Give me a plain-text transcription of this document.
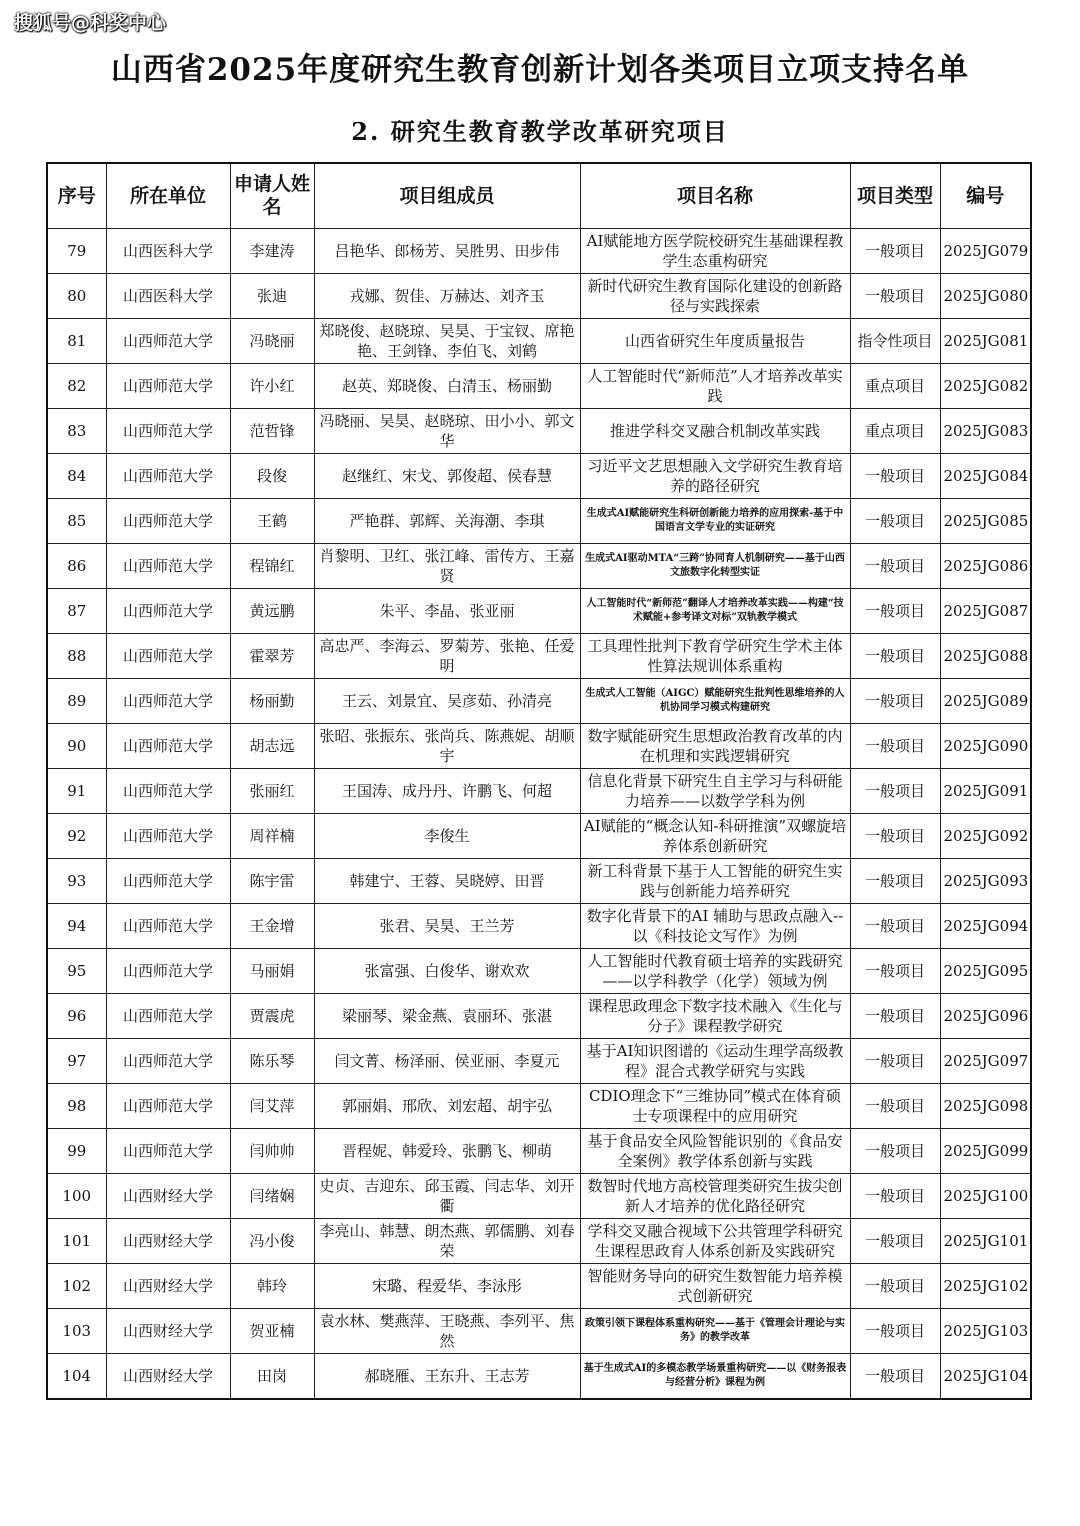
搜狐号@科奖中心
山西省2025年度研究生教育创新计划各类项目立项支持名单
2. 研究生教育教学改革研究项目
序号	所在单位	申请人姓名	项目组成员	项目名称	项目类型	编号
79	山西医科大学	李建涛	吕艳华、郎杨芳、吴胜男、田步伟	AI赋能地方医学院校研究生基础课程教学生态重构研究	一般项目	2025JG079
80	山西医科大学	张迪	戎娜、贺佳、万赫达、刘齐玉	新时代研究生教育国际化建设的创新路径与实践探索	一般项目	2025JG080
81	山西师范大学	冯晓丽	郑晓俊、赵晓琼、吴昊、于宝钗、席艳艳、王剑锋、李伯飞、刘鹤	山西省研究生年度质量报告	指令性项目	2025JG081
82	山西师范大学	许小红	赵英、郑晓俊、白清玉、杨丽勤	人工智能时代“新师范”人才培养改革实践	重点项目	2025JG082
83	山西师范大学	范哲锋	冯晓丽、吴昊、赵晓琼、田小小、郭文华	推进学科交叉融合机制改革实践	重点项目	2025JG083
84	山西师范大学	段俊	赵继红、宋戈、郭俊超、侯春慧	习近平文艺思想融入文学研究生教育培养的路径研究	一般项目	2025JG084
85	山西师范大学	王鹤	严艳群、郭辉、关海潮、李琪	生成式AI赋能研究生科研创新能力培养的应用探索-基于中国语言文学专业的实证研究	一般项目	2025JG085
86	山西师范大学	程锦红	肖黎明、卫红、张江峰、雷传方、王嘉贤	生成式AI驱动MTA“三跨”协同育人机制研究——基于山西文旅数字化转型实证	一般项目	2025JG086
87	山西师范大学	黄远鹏	朱平、李晶、张亚丽	人工智能时代“新师范”翻译人才培养改革实践——构建“技术赋能+参考译文对标”双轨教学模式	一般项目	2025JG087
88	山西师范大学	霍翠芳	高忠严、李海云、罗菊芳、张艳、任爱明	工具理性批判下教育学研究生学术主体性算法规训体系重构	一般项目	2025JG088
89	山西师范大学	杨丽勤	王云、刘景宜、吴彦茹、孙清亮	生成式人工智能（AIGC）赋能研究生批判性思维培养的人机协同学习模式构建研究	一般项目	2025JG089
90	山西师范大学	胡志远	张昭、张振东、张尚兵、陈燕妮、胡顺宇	数字赋能研究生思想政治教育改革的内在机理和实践逻辑研究	一般项目	2025JG090
91	山西师范大学	张丽红	王国涛、成丹丹、许鹏飞、何超	信息化背景下研究生自主学习与科研能力培养——以数学学科为例	一般项目	2025JG091
92	山西师范大学	周祥楠	李俊生	AI赋能的“概念认知-科研推演”双螺旋培养体系创新研究	一般项目	2025JG092
93	山西师范大学	陈宇雷	韩建宁、王蓉、吴晓婷、田晋	新工科背景下基于人工智能的研究生实践与创新能力培养研究	一般项目	2025JG093
94	山西师范大学	王金增	张君、吴昊、王兰芳	数字化背景下的AI 辅助与思政点融入--以《科技论文写作》为例	一般项目	2025JG094
95	山西师范大学	马丽娟	张富强、白俊华、谢欢欢	人工智能时代教育硕士培养的实践研究——以学科教学（化学）领域为例	一般项目	2025JG095
96	山西师范大学	贾震虎	梁丽琴、梁金燕、袁丽环、张湛	课程思政理念下数字技术融入《生化与分子》课程教学研究	一般项目	2025JG096
97	山西师范大学	陈乐琴	闫文菁、杨泽丽、侯亚丽、李夏元	基于AI知识图谱的《运动生理学高级教程》混合式教学研究与实践	一般项目	2025JG097
98	山西师范大学	闫艾萍	郭丽娟、邢欣、刘宏超、胡宇弘	CDIO理念下“三维协同”模式在体育硕士专项课程中的应用研究	一般项目	2025JG098
99	山西师范大学	闫帅帅	晋程妮、韩爱玲、张鹏飞、柳萌	基于食品安全风险智能识别的《食品安全案例》教学体系创新与实践	一般项目	2025JG099
100	山西财经大学	闫绪娴	史贞、吉迎东、邱玉霞、闫志华、刘开衢	数智时代地方高校管理类研究生拔尖创新人才培养的优化路径研究	一般项目	2025JG100
101	山西财经大学	冯小俊	李亮山、韩慧、朗杰燕、郭儒鹏、刘春荣	学科交叉融合视域下公共管理学科研究生课程思政育人体系创新及实践研究	一般项目	2025JG101
102	山西财经大学	韩玲	宋璐、程爱华、李泳彤	智能财务导向的研究生数智能力培养模式创新研究	一般项目	2025JG102
103	山西财经大学	贺亚楠	袁水林、樊燕萍、王晓燕、李列平、焦然	政策引领下课程体系重构研究——基于《管理会计理论与实务》的教学改革	一般项目	2025JG103
104	山西财经大学	田岗	郝晓雁、王东升、王志芳	基于生成式AI的多模态教学场景重构研究——以《财务报表与经营分析》课程为例	一般项目	2025JG104
